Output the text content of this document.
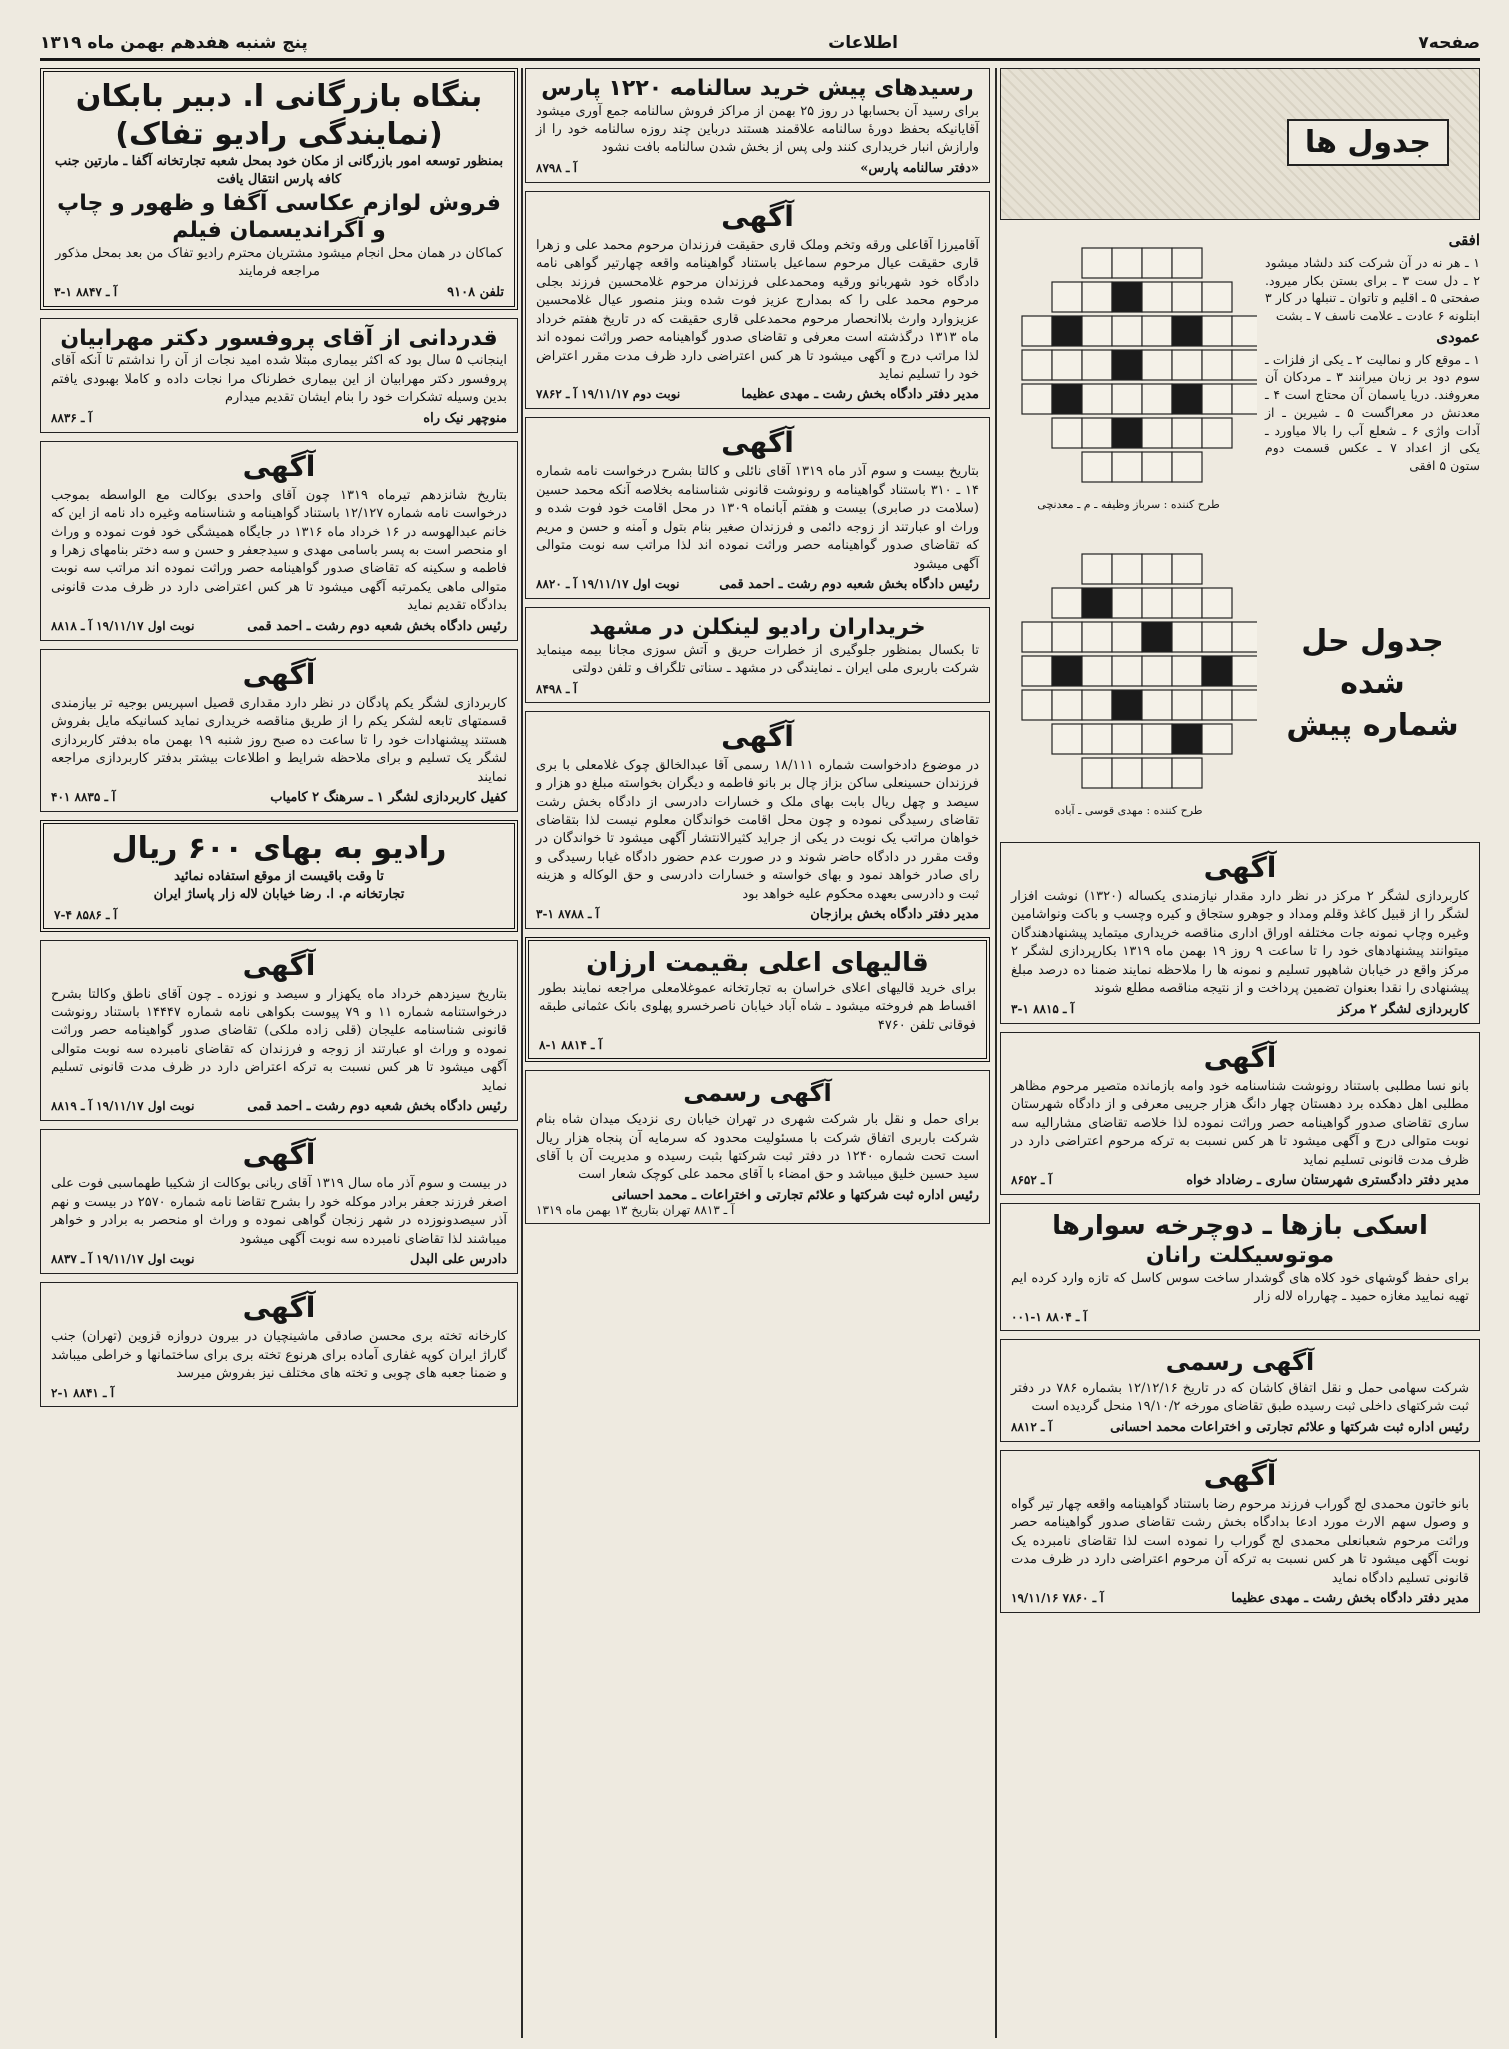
صفحه۷
اطلاعات
پنج شنبه هفدهم بهمن ماه ۱۳۱۹
جدول ها
افقی

۱ ـ هر نه در آن شرکت کند دلشاد میشود ۲ ـ دل ست ۳ ـ برای بستن بکار میرود. صفحتی ۵ ـ اقلیم و تاتوان ـ تنبلها در کار ۳ ابتلونه ۶ عادت ـ علامت ناسف ۷ ـ بشت

عمودی

۱ ـ موقع کار و نمالیت ۲ ـ یکی از فلزات ـ سوم دود بر زبان میرانند ۳ ـ مردکان آن معروفند. دریا یاسمان آن محتاج است ۴ ـ معدنش در معراگست ۵ ـ شیرین ـ از آدات واژی ۶ ـ شعلع آب را بالا میاورد ـ یکی از اعداد ۷ ـ عکس قسمت دوم ستون ۵ افقی

طرح کننده : سرباز وظیفه ـ م ـ معدنچی
جدول حل شده
شماره پیش
طرح کننده : مهدی قوسی ـ آباده
آگهی

کاربردازی لشگر ۲ مرکز در نظر دارد مقدار نیازمندی یکساله (۱۳۲۰) نوشت افزار لشگر را از قبیل کاغذ وقلم ومداد و جوهرو ستجاق و کیره وچسب و باکت ونواشامین وغیره وچاپ نمونه جات مختلفه اوراق اداری مناقصه خریداری میتماید پیشنهادهندگان میتوانند پیشنهادهای خود را تا ساعت ۹ روز ۱۹ بهمن ماه ۱۳۱۹ بکارپردازی لشگر ۲ مرکز واقع در خیابان شاهپور تسلیم و نمونه ها را ملاحظه نمایند ضمنا ده درصد مبلغ پیشنهادی را نقدا بعنوان تضمین پرداخت و از نتیجه مناقصه مطلع شوند

کاربردازی لشگر ۲ مرکز
آ ـ ۸۸۱۵ ۱-۳
آگهی

بانو نسا مطلبی باستناد رونوشت شناسنامه خود وامه بازمانده متصیر مرحوم مظاهر مطلبی اهل دهکده برد دهستان چهار دانگ هزار جریبی معرفی و از دادگاه شهرستان ساری تقاضای صدور گواهینامه حصر وراثت نموده لذا خلاصه تقاضای مشارالیه سه نوبت متوالی درج و آگهی میشود تا هر کس نسبت به ترکه مرحوم اعتراضی دارد در ظرف مدت قانونی تسلیم نماید

مدیر دفتر دادگستری شهرستان ساری ـ رضاداد خواه
آ ـ ۸۶۵۲
اسکی بازها ـ دوچرخه سوارها
موتوسیکلت رانان

برای حفظ گوشهای خود کلاه های گوشدار ساخت سوس کاسل که تازه وارد کرده ایم تهیه نمایید مغازه حمید ـ چهارراه لاله زار

آ ـ ۸۸۰۴ ۱-۰۰۱
آگهی رسمی

شرکت سهامی حمل و نقل اتفاق کاشان که در تاریخ ۱۲/۱۲/۱۶ بشماره ۷۸۶ در دفتر ثبت شرکتهای داخلی ثبت رسیده طبق تقاضای مورخه ۱۹/۱۰/۲ منحل گردیده است

رئیس اداره ثبت شرکتها و علائم تجارتی و اختراعات محمد احسانی
آ ـ ۸۸۱۲
آگهی

بانو خاتون محمدی لج گوراب فرزند مرحوم رضا باستناد گواهینامه واقعه چهار تیر گواه و وصول سهم الارث مورد ادعا بدادگاه بخش رشت تقاضای صدور گواهینامه حصر وراثت مرحوم شعبانعلی محمدی لج گوراب را نموده است لذا تقاضای نامبرده یک نوبت آگهی میشود تا هر کس نسبت به ترکه آن مرحوم اعتراضی دارد در ظرف مدت قانونی تسلیم دادگاه نماید

مدیر دفتر دادگاه بخش رشت ـ مهدی عظیما
آ ـ ۷۸۶۰ ۱۹/۱۱/۱۶
رسیدهای پیش خرید سالنامه ۱۲۲۰ پارس

برای رسید آن بحسابها در روز ۲۵ بهمن از مراکز فروش سالنامه جمع آوری میشود آقایانیکه بحفظ دورهٔ سالنامه علاقمند هستند درباین چند روزه سالنامه خود را از وارازش انبار خریداری کنند ولی پس از بخش شدن سالنامه بافت نشود

«دفتر سالنامه پارس»
آ ـ ۸۷۹۸
آگهی

آقامیرزا آقاعلی ورقه وتخم وملک قاری حقیقت فرزندان مرحوم محمد علی و زهرا قاری حقیقت عیال مرحوم سماعیل باستناد گواهینامه واقعه چهارتیر گواهی نامه دادگاه خود شهربانو ورقیه ومحمدعلی فرزندان مرحوم غلامحسین فرزند بجلی مرحوم محمد علی را که بمدارج عزیز فوت شده وبنز منصور عیال غلامحسین عزیزوارد وارث بلاانحصار مرحوم محمدعلی قاری حقیقت که در تاریخ هفتم خرداد ماه ۱۳۱۳ درگذشته است معرفی و تقاضای صدور گواهینامه حصر وراثت نموده اند لذا مراتب درج و آگهی میشود تا هر کس اعتراضی دارد ظرف مدت مقرر اعتراض خود را تسلیم نماید

مدیر دفتر دادگاه بخش رشت ـ مهدی عظیما
نوبت دوم ۱۹/۱۱/۱۷ آ ـ ۷۸۶۲
آگهی

بتاریخ بیست و سوم آذر ماه ۱۳۱۹ آقای نائلی و کالتا بشرح درخواست نامه شماره ۱۴ ـ ۳۱۰ باستناد گواهینامه و رونوشت قانونی شناسنامه بخلاصه آنکه محمد حسین (سلامت در صابری) بیست و هفتم آبانماه ۱۳۰۹ در محل اقامت خود فوت شده و وراث او عبارتند از زوجه دائمی و فرزندان صغیر بنام بتول و آمنه و حسن و مریم که تقاضای صدور گواهینامه حصر وراثت نموده اند لذا مراتب سه نوبت متوالی آگهی میشود

رئیس دادگاه بخش شعبه دوم رشت ـ احمد قمی
نوبت اول ۱۹/۱۱/۱۷ آ ـ ۸۸۲۰
خریداران رادیو لینکلن در مشهد

تا بکسال بمنظور جلوگیری از خطرات حریق و آتش سوزی مجانا بیمه مینماید شرکت باربری ملی ایران ـ نمایندگی در مشهد ـ سناتی تلگراف و تلفن دولتی

آ ـ ۸۴۹۸
آگهی

در موضوع دادخواست شماره ۱۸/۱۱۱ رسمی آقا عبدالخالق چوک غلامعلی با بری فرزندان حسینعلی ساکن بزاز چال بر بانو فاطمه و دیگران بخواسته مبلغ دو هزار و سیصد و چهل ریال بابت بهای ملک و خسارات دادرسی از دادگاه بخش رشت تقاضای رسیدگی نموده و چون محل اقامت خواندگان معلوم نیست لذا بتقاضای خواهان مراتب یک نوبت در یکی از جراید کثیرالانتشار آگهی میشود تا خواندگان در وقت مقرر در دادگاه حاضر شوند و در صورت عدم حضور دادگاه غیابا رسیدگی و رای صادر خواهد نمود و بهای خواسته و خسارات دادرسی و حق الوکاله و هزینه ثبت و دادرسی بعهده محکوم علیه خواهد بود

مدیر دفتر دادگاه بخش برازجان
آ ـ ۸۷۸۸ ۱-۳
قالیهای اعلی بقیمت ارزان

برای خرید قالیهای اعلای خراسان به تجارتخانه عموغلامعلی مراجعه نمایند بطور اقساط هم فروخته میشود ـ شاه آباد خیابان ناصرخسرو پهلوی بانک عثمانی طبقه فوقانی تلفن ۴۷۶۰

آ ـ ۸۸۱۴ ۱-۸
آگهی رسمی

برای حمل و نقل بار شرکت شهری در تهران خیابان ری نزدیک میدان شاه بنام شرکت باربری اتفاق شرکت با مسئولیت محدود که سرمایه آن پنجاه هزار ریال است تحت شماره ۱۲۴۰ در دفتر ثبت شرکتها بثبت رسیده و مدیریت آن با آقای سید حسین خلیق میباشد و حق امضاء با آقای محمد علی کوچک شعار است

رئیس اداره ثبت شرکتها و علائم تجارتی و اختراعات ـ محمد احسانی
آ ـ ۸۸۱۳ تهران بتاریخ ۱۳ بهمن ماه ۱۳۱۹
بنگاه بازرگانی ا. دبیر بابکان
(نمایندگی رادیو تفاک)

بمنظور توسعه امور بازرگانی از مکان خود بمحل شعبه تجارتخانه آگفا ـ مارتین جنب کافه پارس انتقال یافت

فروش لوازم عکاسی آگفا و ظهور و چاپ و آگراندیسمان فیلم

کماکان در همان محل انجام میشود مشتریان محترم رادیو تفاک من بعد بمحل مذکور مراجعه فرمایند

تلفن ۹۱۰۸
آ ـ ۸۸۴۷ ۱-۳
قدردانی از آقای پروفسور دکتر مهرابیان

اینجانب ۵ سال بود که اکثر بیماری مبتلا شده امید نجات از آن را نداشتم تا آنکه آقای پروفسور دکتر مهرابیان از این بیماری خطرناک مرا نجات داده و کاملا بهبودی یافتم بدین وسیله تشکرات خود را بنام ایشان تقدیم میدارم

منوچهر نیک راه
آ ـ ۸۸۳۶
آگهی

بتاریخ شانزدهم تیرماه ۱۳۱۹ چون آقای واحدی بوکالت مع الواسطه بموجب درخواست نامه شماره ۱۲/۱۲۷ باستناد گواهینامه و شناسنامه وغیره داد نامه از این که خانم عبدالهوسه در ۱۶ خرداد ماه ۱۳۱۶ در جایگاه همیشگی خود فوت نموده و وراث او منحصر است به پسر باسامی مهدی و سیدجعفر و حسن و سه دختر بنامهای زهرا و فاطمه و سکینه که تقاضای صدور گواهینامه حصر وراثت نموده اند مراتب سه نوبت متوالی ماهی یکمرتبه آگهی میشود تا هر کس اعتراضی دارد در ظرف مدت قانونی بدادگاه تقدیم نماید

رئیس دادگاه بخش شعبه دوم رشت ـ احمد قمی
نوبت اول ۱۹/۱۱/۱۷ آ ـ ۸۸۱۸
آگهی

کاربردازی لشگر یکم پادگان در نظر دارد مقداری قصیل اسپریس بوجیه تر بیازمندی قسمتهای تابعه لشکر یکم را از طریق مناقصه خریداری نماید کسانیکه مایل بفروش هستند پیشنهادات خود را تا ساعت ده صبح روز شنبه ۱۹ بهمن ماه بدفتر کاربردازی لشگر یک تسلیم و برای ملاحظه شرایط و اطلاعات بیشتر بدفتر کاربردازی مراجعه نمایند

کفیل کاربردازی لشگر ۱ ـ سرهنگ ۲ کامیاب
آ ـ ۸۸۳۵ ۴۰۱
رادیو به بهای ۶۰۰ ریال

تا وقت باقیست از موقع استفاده نمائید

تجارتخانه م. ا. رضا خیابان لاله زار پاساژ ایران

آ ـ ۸۵۸۶ ۴-۷
آگهی

بتاریخ سیزدهم خرداد ماه یکهزار و سیصد و نوزده ـ چون آقای ناطق وکالتا بشرح درخواستنامه شماره ۱۱ و ۷۹ پیوست بکواهی نامه شماره ۱۴۴۴۷ باستناد رونوشت قانونی شناسنامه علیجان (قلی زاده ملکی) تقاضای صدور گواهینامه حصر وراثت نموده و وراث او عبارتند از زوجه و فرزندان که تقاضای نامبرده سه نوبت متوالی آگهی میشود تا هر کس نسبت به ترکه اعتراض دارد در ظرف مدت قانونی تسلیم نماید

رئیس دادگاه بخش شعبه دوم رشت ـ احمد قمی
نوبت اول ۱۹/۱۱/۱۷ آ ـ ۸۸۱۹
آگهی

در بیست و سوم آذر ماه سال ۱۳۱۹ آقای ربانی بوکالت از شکیبا طهماسبی فوت علی اصغر فرزند جعفر برادر موکله خود را بشرح تقاضا نامه شماره ۲۵۷۰ در بیست و نهم آذر سیصدونوزده در شهر زنجان گواهی نموده و وراث او منحصر به برادر و خواهر میباشند لذا تقاضای نامبرده سه نوبت آگهی میشود

دادرس علی البدل
نوبت اول ۱۹/۱۱/۱۷ آ ـ ۸۸۳۷
آگهی

کارخانه تخته بری محسن صادقی ماشینچیان در بیرون دروازه قزوین (تهران) جنب گاراژ ایران کوپه غفاری آماده برای هرنوع تخته بری برای ساختمانها و خراطی میباشد و ضمنا جعبه های چوبی و تخته های مختلف نیز بفروش میرسد

آ ـ ۸۸۴۱ ۱-۲
